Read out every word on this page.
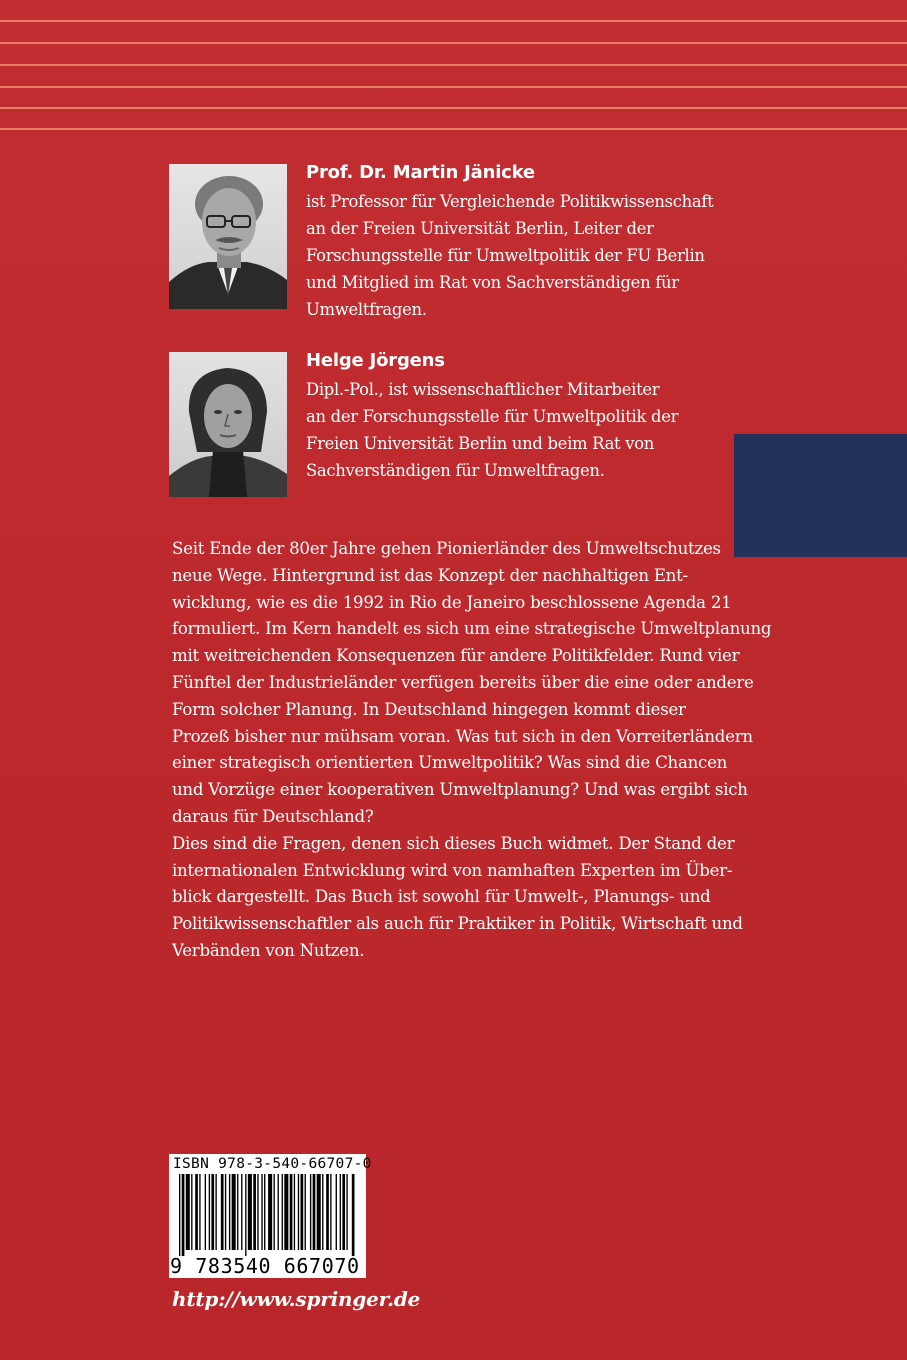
Prof. Dr. Martin Jänicke

ist Professor für Vergleichende Politikwissenschaft
an der Freien Universität Berlin, Leiter der
Forschungsstelle für Umweltpolitik der FU Berlin
und Mitglied im Rat von Sachverständigen für
Umweltfragen.

Helge Jörgens

Dipl.-Pol., ist wissenschaftlicher Mitarbeiter
an der Forschungsstelle für Umweltpolitik der
Freien Universität Berlin und beim Rat von
Sachverständigen für Umweltfragen.

Seit Ende der 80er Jahre gehen Pionierländer des Umweltschutzes
neue Wege. Hintergrund ist das Konzept der nachhaltigen Ent-
wicklung, wie es die 1992 in Rio de Janeiro beschlossene Agenda 21
formuliert. Im Kern handelt es sich um eine strategische Umweltplanung
mit weitreichenden Konsequenzen für andere Politikfelder. Rund vier
Fünftel der Industrieländer verfügen bereits über die eine oder andere
Form solcher Planung. In Deutschland hingegen kommt dieser
Prozeß bisher nur mühsam voran. Was tut sich in den Vorreiterländern
einer strategisch orientierten Umweltpolitik? Was sind die Chancen
und Vorzüge einer kooperativen Umweltplanung? Und was ergibt sich
daraus für Deutschland?
Dies sind die Fragen, denen sich dieses Buch widmet. Der Stand der
internationalen Entwicklung wird von namhaften Experten im Über-
blick dargestellt. Das Buch ist sowohl für Umwelt-, Planungs- und
Politikwissenschaftler als auch für Praktiker in Politik, Wirtschaft und
Verbänden von Nutzen.
ISBN 978-3-540-66707-0
9 783540 667070
http://www.springer.de
